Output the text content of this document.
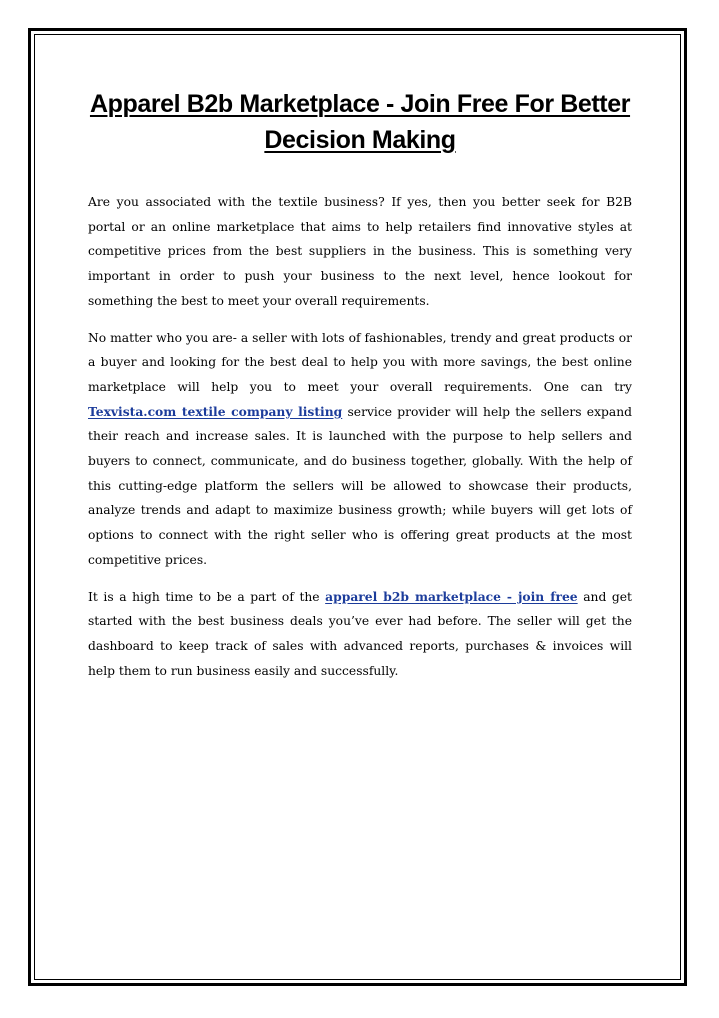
Apparel B2b Marketplace - Join Free For Better Decision Making

Are you associated with the textile business? If yes, then you better seek for B2B portal or an online marketplace that aims to help retailers find innovative styles at competitive prices from the best suppliers in the business. This is something very important in order to push your business to the next level, hence lookout for something the best to meet your overall requirements.

No matter who you are- a seller with lots of fashionables, trendy and great products or a buyer and looking for the best deal to help you with more savings, the best online marketplace will help you to meet your overall requirements. One can try Texvista.com textile company listing service provider will help the sellers expand their reach and increase sales. It is launched with the purpose to help sellers and buyers to connect, communicate, and do business together, globally. With the help of this cutting-edge platform the sellers will be allowed to showcase their products, analyze trends and adapt to maximize business growth; while buyers will get lots of options to connect with the right seller who is offering great products at the most competitive prices.

It is a high time to be a part of the apparel b2b marketplace - join free and get started with the best business deals you’ve ever had before. The seller will get the dashboard to keep track of sales with advanced reports, purchases & invoices will help them to run business easily and successfully.
